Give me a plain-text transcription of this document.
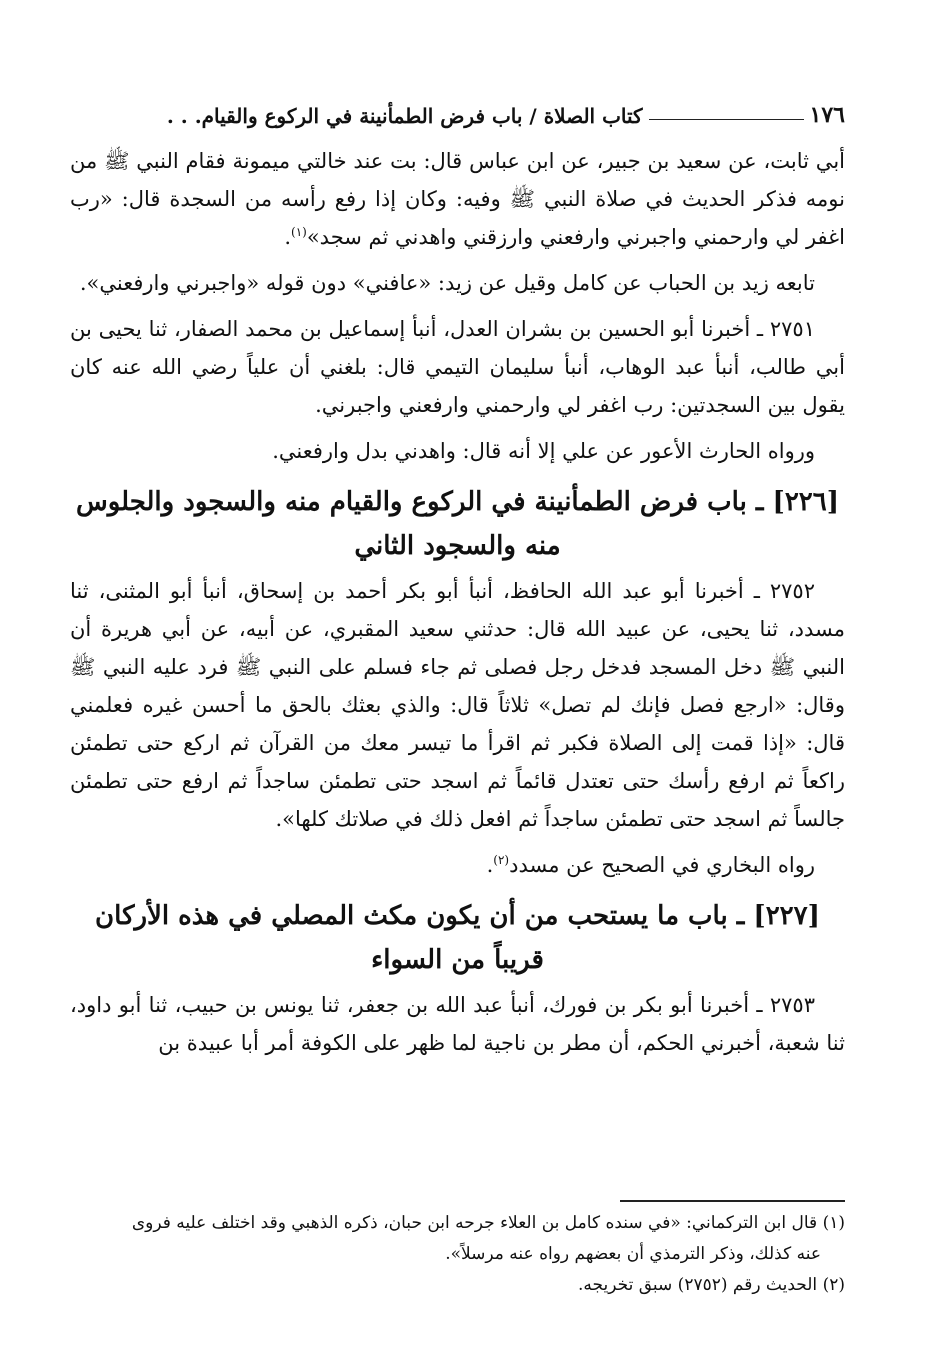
١٧٦
كتاب الصلاة / باب فرض الطمأنينة في الركوع والقيام. . .

أبي ثابت، عن سعيد بن جبير، عن ابن عباس قال: بت عند خالتي ميمونة فقام النبي ﷺ من نومه فذكر الحديث في صلاة النبي ﷺ وفيه: وكان إذا رفع رأسه من السجدة قال: «رب اغفر لي وارحمني واجبرني وارفعني وارزقني واهدني ثم سجد»$^{(١)}$.

تابعه زيد بن الحباب عن كامل وقيل عن زيد: «عافني» دون قوله «واجبرني وارفعني».

٢٧٥١ ـ أخبرنا أبو الحسين بن بشران العدل، أنبأ إسماعيل بن محمد الصفار، ثنا يحيى بن أبي طالب، أنبأ عبد الوهاب، أنبأ سليمان التيمي قال: بلغني أن علياً رضي الله عنه كان يقول بين السجدتين: رب اغفر لي وارحمني وارفعني واجبرني.

ورواه الحارث الأعور عن علي إلا أنه قال: واهدني بدل وارفعني.

[٢٢٦] ـ باب فرض الطمأنينة في الركوع والقيام منه والسجود والجلوس منه والسجود الثاني

٢٧٥٢ ـ أخبرنا أبو عبد الله الحافظ، أنبأ أبو بكر أحمد بن إسحاق، أنبأ أبو المثنى، ثنا مسدد، ثنا يحيى، عن عبيد الله قال: حدثني سعيد المقبري، عن أبيه، عن أبي هريرة أن النبي ﷺ دخل المسجد فدخل رجل فصلى ثم جاء فسلم على النبي ﷺ فرد عليه النبي ﷺ وقال: «ارجع فصل فإنك لم تصل» ثلاثاً قال: والذي بعثك بالحق ما أحسن غيره فعلمني قال: «إذا قمت إلى الصلاة فكبر ثم اقرأ ما تيسر معك من القرآن ثم اركع حتى تطمئن راكعاً ثم ارفع رأسك حتى تعتدل قائماً ثم اسجد حتى تطمئن ساجداً ثم ارفع حتى تطمئن جالساً ثم اسجد حتى تطمئن ساجداً ثم افعل ذلك في صلاتك كلها».

رواه البخاري في الصحيح عن مسدد$^{(٢)}$.

[٢٢٧] ـ باب ما يستحب من أن يكون مكث المصلي في هذه الأركان قريباً من السواء

٢٧٥٣ ـ أخبرنا أبو بكر بن فورك، أنبأ عبد الله بن جعفر، ثنا يونس بن حبيب، ثنا أبو داود، ثنا شعبة، أخبرني الحكم، أن مطر بن ناجية لما ظهر على الكوفة أمر أبا عبيدة بن

(١) قال ابن التركماني: «في سنده كامل بن العلاء جرحه ابن حبان، ذكره الذهبي وقد اختلف عليه فروى
عنه كذلك، وذكر الترمذي أن بعضهم رواه عنه مرسلاً».

(٢) الحديث رقم (٢٧٥٢) سبق تخريجه.
